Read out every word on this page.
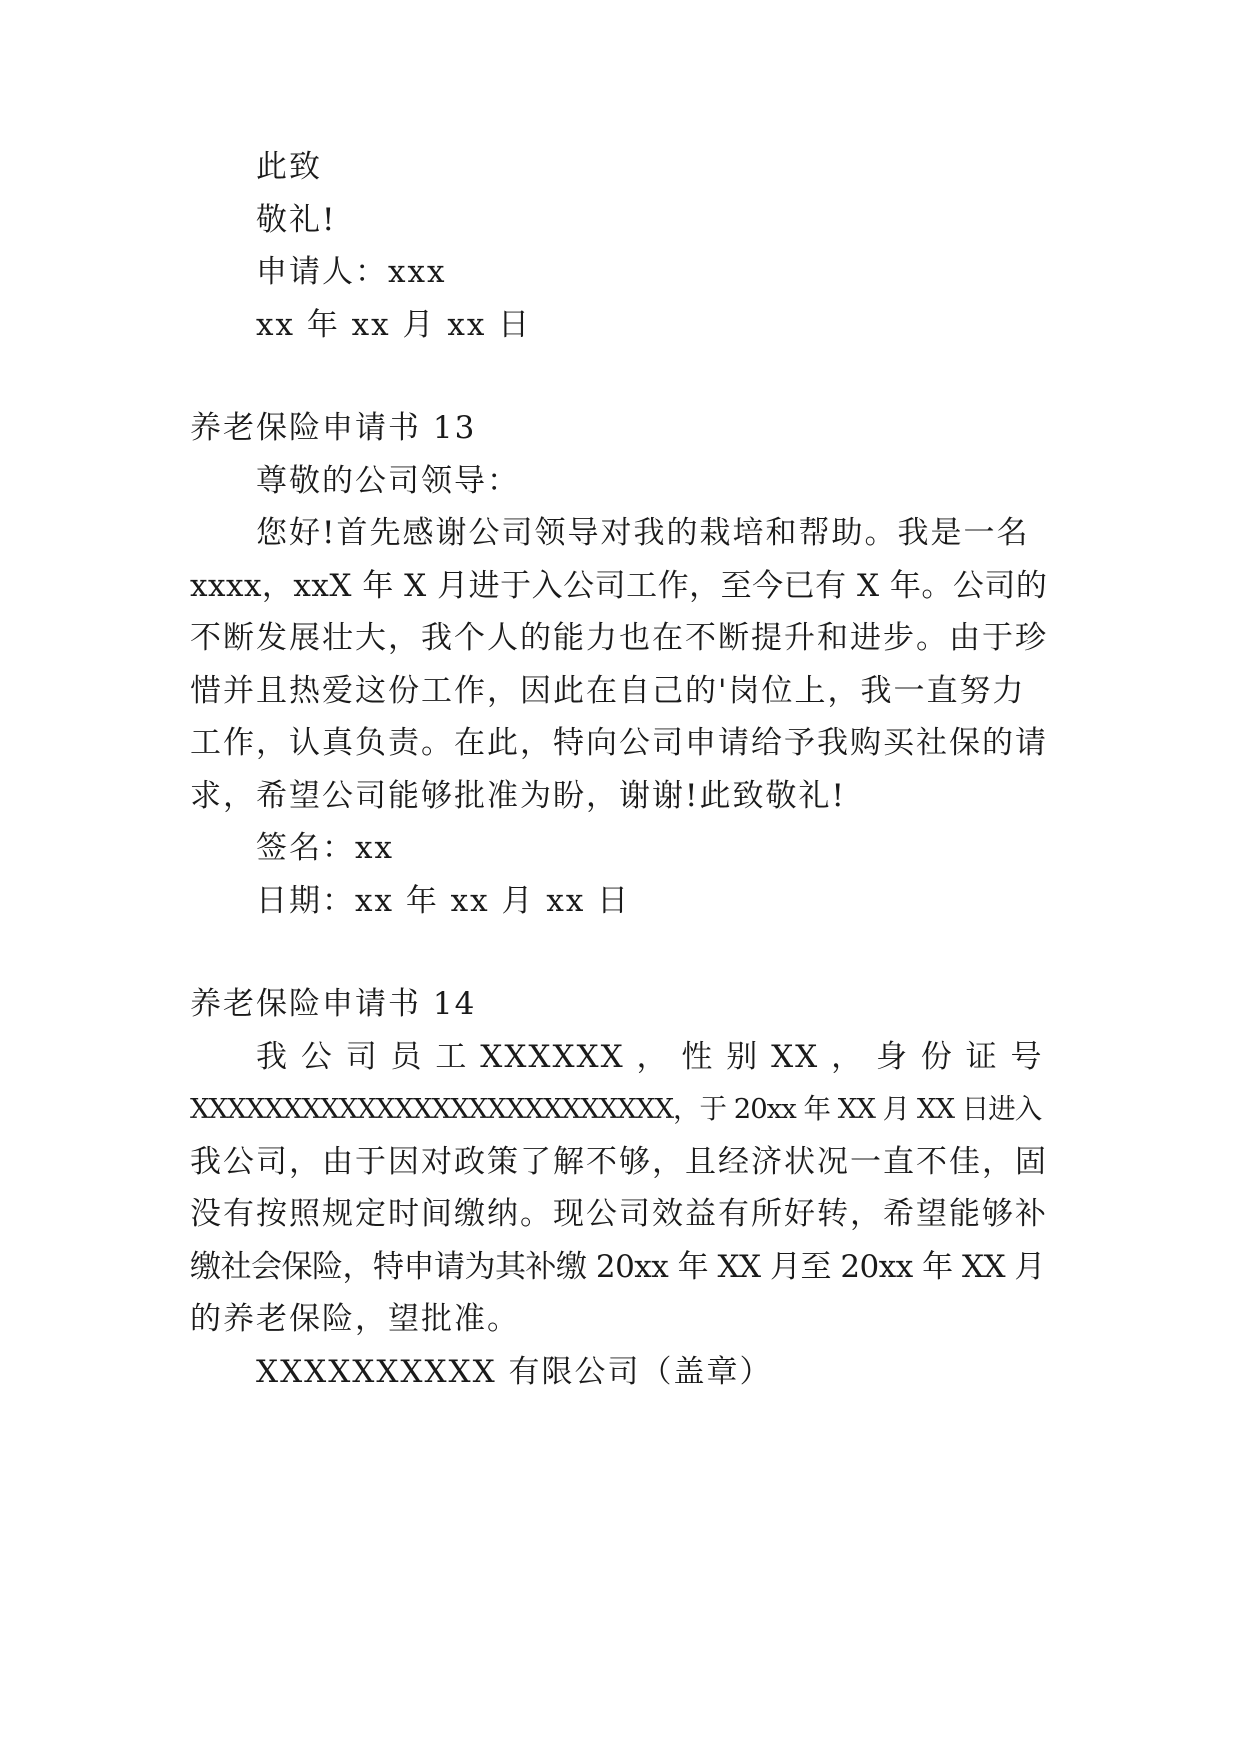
此致
敬礼!
申请人：xxx
xx 年 xx 月 xx 日
养老保险申请书 13
尊敬的公司领导：
您好!首先感谢公司领导对我的栽培和帮助。我是一名
xxxx，xxX 年 X 月进于入公司工作，至今已有 X 年。公司的
不断发展壮大，我个人的能力也在不断提升和进步。由于珍
惜并且热爱这份工作，因此在自己的'岗位上，我一直努力
工作，认真负责。在此，特向公司申请给予我购买社保的请
求，希望公司能够批准为盼，谢谢!此致敬礼!
签名：xx
日期：xx 年 xx 月 xx 日
养老保险申请书 14
我 公 司 员 工 XXXXXX ， 性 别 XX ， 身 份 证 号
XXXXXXXXXXXXXXXXXXXXXXXXXX，于 20xx 年 XX 月 XX 日进入
我公司，由于因对政策了解不够，且经济状况一直不佳，固
没有按照规定时间缴纳。现公司效益有所好转，希望能够补
缴社会保险，特申请为其补缴 20xx 年 XX 月至 20xx 年 XX 月
的养老保险，望批准。
XXXXXXXXXX 有限公司（盖章）
